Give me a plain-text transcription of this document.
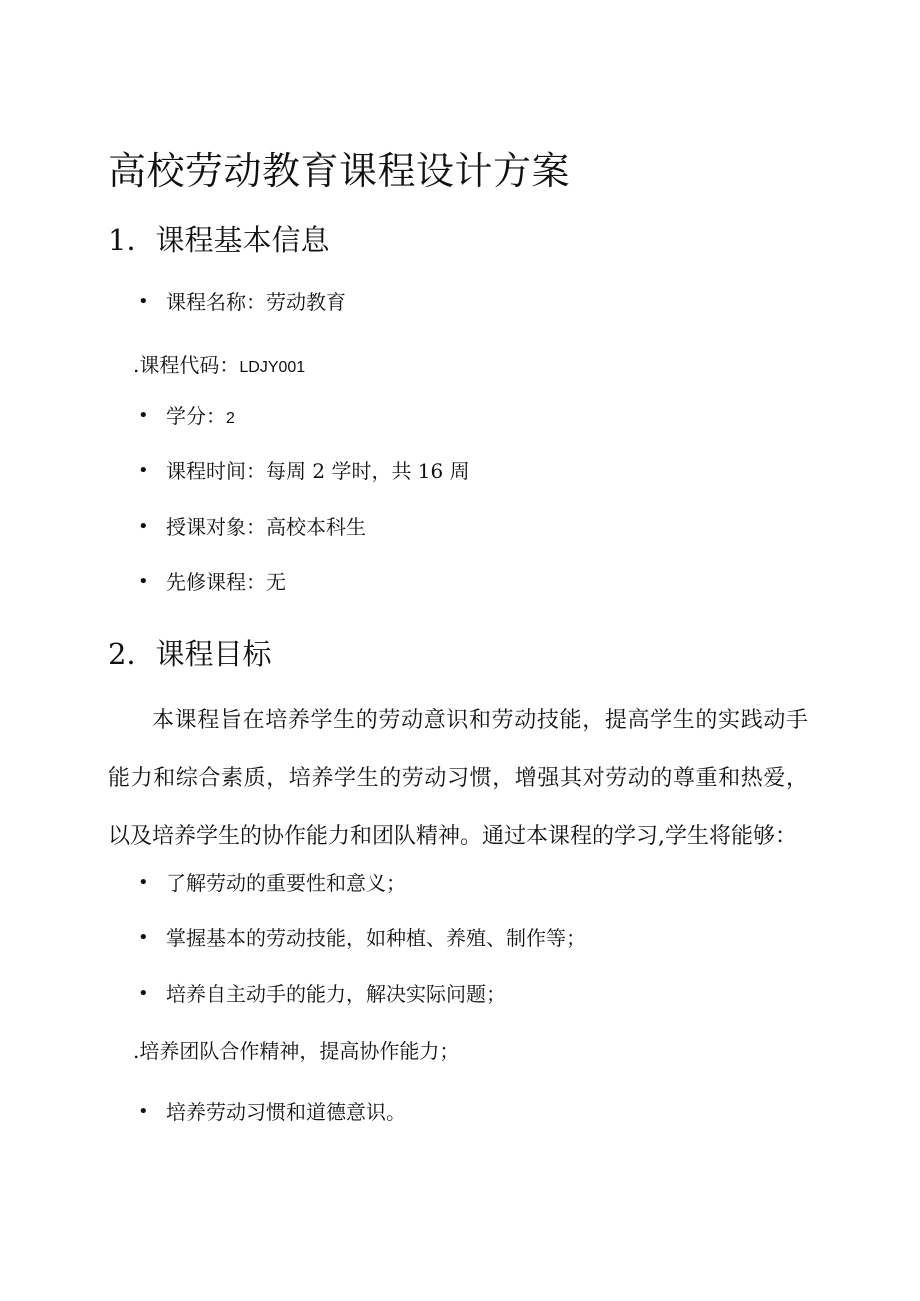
高校劳动教育课程设计方案
1．课程基本信息
• 课程名称：劳动教育
.课程代码：LDJY001
• 学分：2
• 课程时间：每周 2 学时，共 16 周
• 授课对象：高校本科生
• 先修课程：无
2．课程目标

本课程旨在培养学生的劳动意识和劳动技能，提高学生的实践动手能力和综合素质，培养学生的劳动习惯，增强其对劳动的尊重和热爱，以及培养学生的协作能力和团队精神。通过本课程的学习,学生将能够：

• 了解劳动的重要性和意义；
• 掌握基本的劳动技能，如种植、养殖、制作等；
• 培养自主动手的能力，解决实际问题；
.培养团队合作精神，提高协作能力；
• 培养劳动习惯和道德意识。
